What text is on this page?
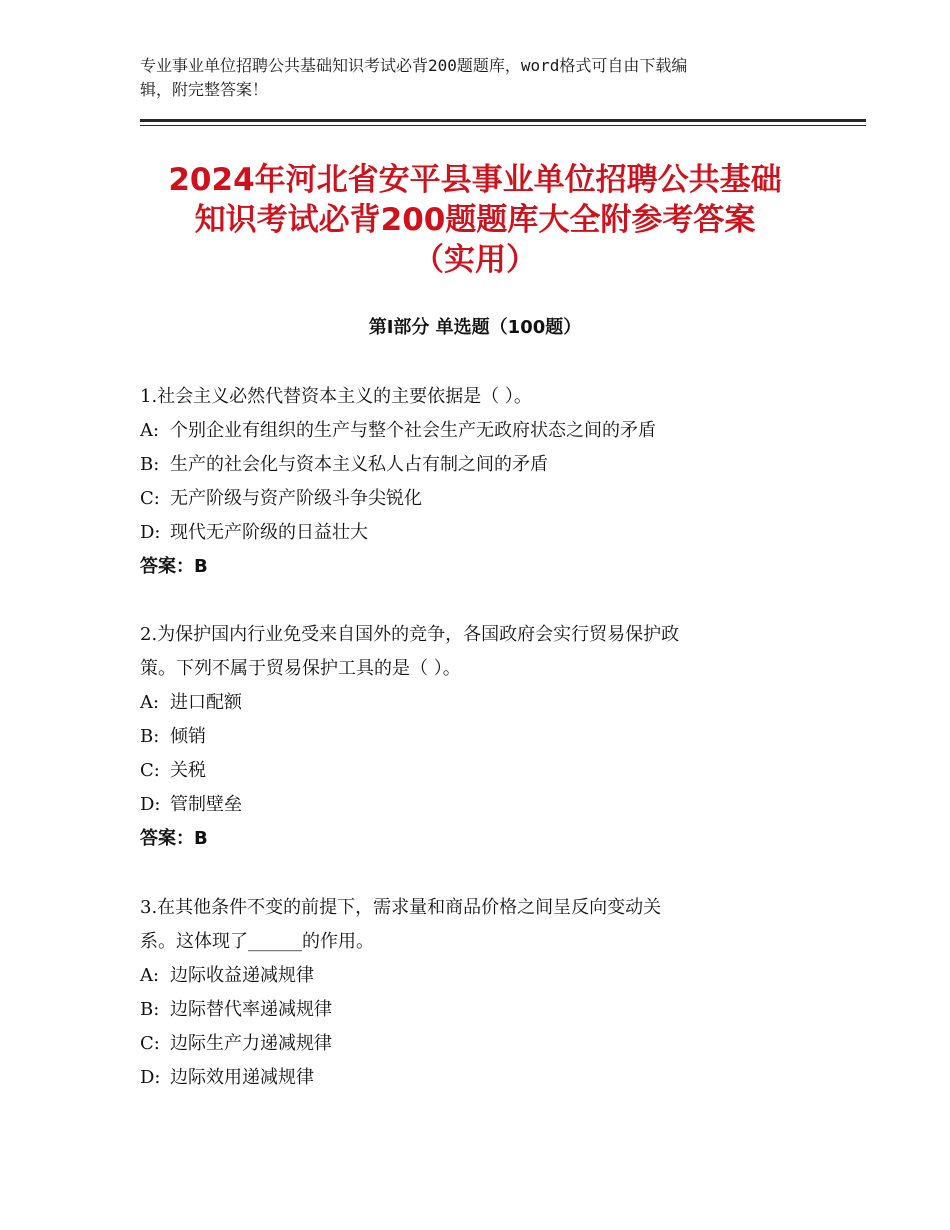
专业事业单位招聘公共基础知识考试必背200题题库，word格式可自由下载编
辑，附完整答案！
2024年河北省安平县事业单位招聘公共基础
知识考试必背200题题库大全附参考答案
（实用）
第Ⅰ部分 单选题（100题）
1.社会主义必然代替资本主义的主要依据是（ ）。
A: 个别企业有组织的生产与整个社会生产无政府状态之间的矛盾
B: 生产的社会化与资本主义私人占有制之间的矛盾
C: 无产阶级与资产阶级斗争尖锐化
D: 现代无产阶级的日益壮大
答案：B
2.为保护国内行业免受来自国外的竞争，各国政府会实行贸易保护政
策。下列不属于贸易保护工具的是（ ）。
A: 进口配额
B: 倾销
C: 关税
D: 管制壁垒
答案：B
3.在其他条件不变的前提下，需求量和商品价格之间呈反向变动关
系。这体现了______的作用。
A: 边际收益递减规律
B: 边际替代率递减规律
C: 边际生产力递减规律
D: 边际效用递减规律
